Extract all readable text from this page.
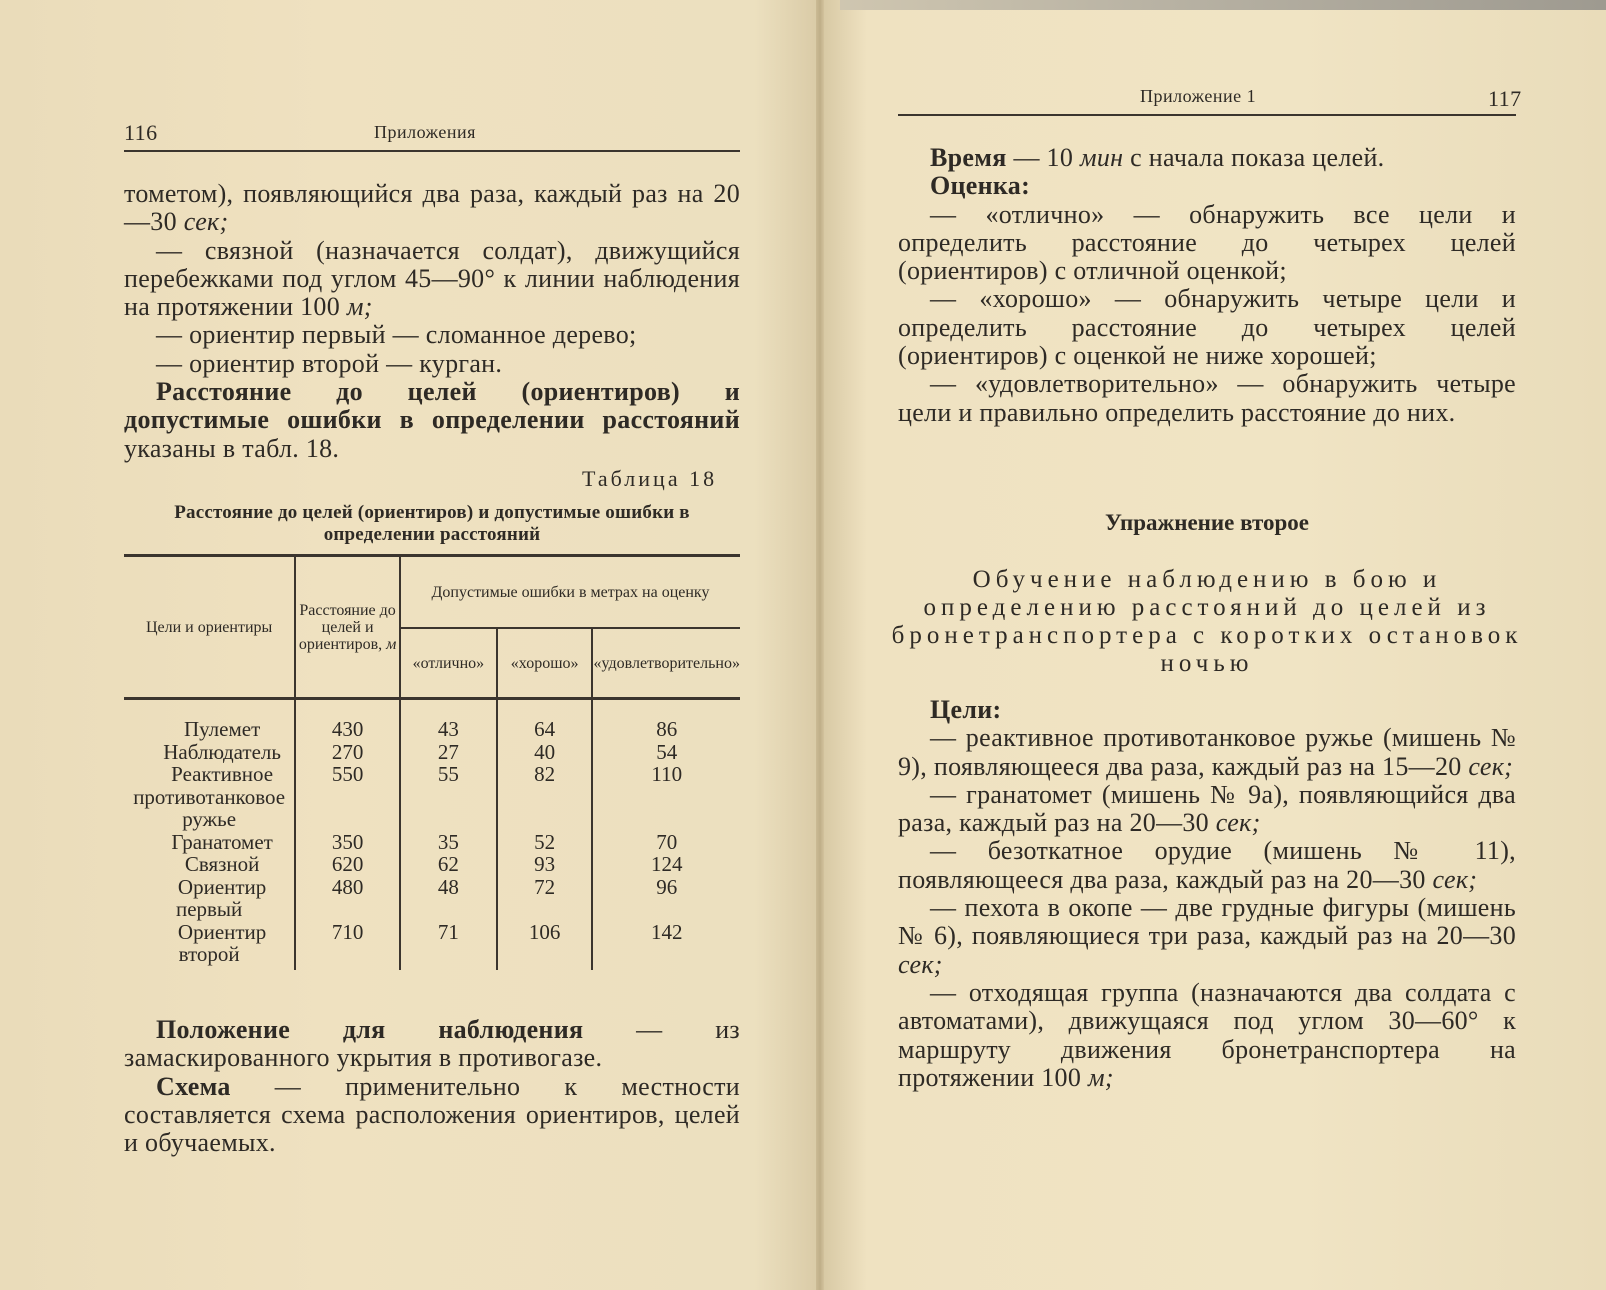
116	Приложения

тометом), появляющийся два раза, каждый раз на 20—30 сек;

— связной (назначается солдат), движущийся перебежками под углом 45—90° к линии наблюдения на протяжении 100 м;

— ориентир первый — сломанное дерево;

— ориентир второй — курган.

Расстояние до целей (ориентиров) и допустимые ошибки в определении расстояний указаны в табл. 18.

Таблица 18
Расстояние до целей (ориентиров) и допустимые ошибки в определении расстояний
Цели и ориентиры	Расстояние до целей и ориентиров, м	Допустимые ошибки в метрах на оценку		
		«отлично»	«хорошо»	«удовлетворительно»

Пулемет	430	43	64	86
Наблюдатель	270	27	40	54
Реактивное противотанковое ружье	550	55	82	110
Гранатомет	350	35	52	70
Связной	620	62	93	124
Ориентир первый	480	48	72	96
Ориентир второй	710	71	106	142

Положение для наблюдения — из замаскированного укрытия в противогазе.

Схема — применительно к местности составляется схема расположения ориентиров, целей и обучаемых.

Приложение 1	117

Время — 10 мин с начала показа целей.

Оценка:

— «отлично» — обнаружить все цели и определить расстояние до четырех целей (ориентиров) с отличной оценкой;

— «хорошо» — обнаружить четыре цели и определить расстояние до четырех целей (ориентиров) с оценкой не ниже хорошей;

— «удовлетворительно» — обнаружить четыре цели и правильно определить расстояние до них.

Упражнение второе
Обучение наблюдению в бою и определению расстояний до целей из бронетранспортера с коротких остановок ночью

Цели:

— реактивное противотанковое ружье (мишень № 9), появляющееся два раза, каждый раз на 15—20 сек;

— гранатомет (мишень № 9а), появляющийся два раза, каждый раз на 20—30 сек;

— безоткатное орудие (мишень № 11), появляющееся два раза, каждый раз на 20—30 сек;

— пехота в окопе — две грудные фигуры (мишень № 6), появляющиеся три раза, каждый раз на 20—30 сек;

— отходящая группа (назначаются два солдата с автоматами), движущаяся под углом 30—60° к маршруту движения бронетранспортера на протяжении 100 м;
